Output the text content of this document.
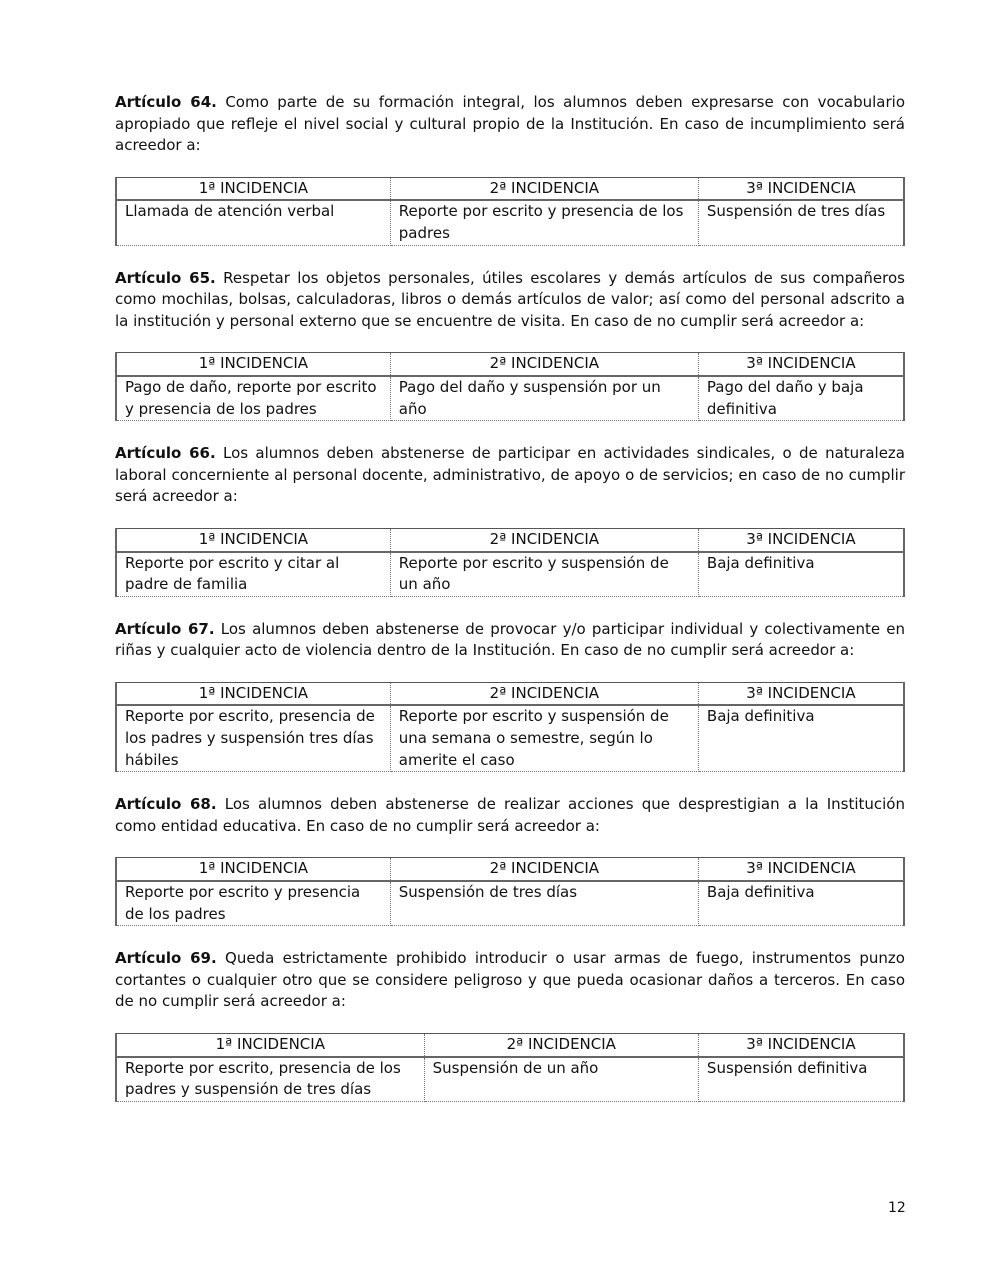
Artículo 64. Como parte de su formación integral, los alumnos deben expresarse con vocabulario apropiado que refleje el nivel social y cultural propio de la Institución. En caso de incumplimiento será acreedor a:

1ª INCIDENCIA	2ª INCIDENCIA	3ª INCIDENCIA
Llamada de atención verbal	Reporte por escrito y presencia de los padres	Suspensión de tres días

Artículo 65. Respetar los objetos personales, útiles escolares y demás artículos de sus compañeros como mochilas, bolsas, calculadoras, libros o demás artículos de valor; así como del personal adscrito a la institución y personal externo que se encuentre de visita. En caso de no cumplir será acreedor a:

1ª INCIDENCIA	2ª INCIDENCIA	3ª INCIDENCIA
Pago de daño, reporte por escrito y presencia de los padres	Pago del daño y suspensión por un año	Pago del daño y baja definitiva

Artículo 66. Los alumnos deben abstenerse de participar en actividades sindicales, o de naturaleza laboral concerniente al personal docente, administrativo, de apoyo o de servicios; en caso de no cumplir será acreedor a:

1ª INCIDENCIA	2ª INCIDENCIA	3ª INCIDENCIA
Reporte por escrito y citar al padre de familia	Reporte por escrito y suspensión de un año	Baja definitiva

Artículo 67. Los alumnos deben abstenerse de provocar y/o participar individual y colectivamente en riñas y cualquier acto de violencia dentro de la Institución. En caso de no cumplir será acreedor a:

1ª INCIDENCIA	2ª INCIDENCIA	3ª INCIDENCIA
Reporte por escrito, presencia de los padres y suspensión tres días hábiles	Reporte por escrito y suspensión de una semana o semestre, según lo amerite el caso	Baja definitiva

Artículo 68. Los alumnos deben abstenerse de realizar acciones que desprestigian a la Institución como entidad educativa. En caso de no cumplir será acreedor a:

1ª INCIDENCIA	2ª INCIDENCIA	3ª INCIDENCIA
Reporte por escrito y presencia de los padres	Suspensión de tres días	Baja definitiva

Artículo 69. Queda estrictamente prohibido introducir o usar armas de fuego, instrumentos punzo cortantes o cualquier otro que se considere peligroso y que pueda ocasionar daños a terceros. En caso de no cumplir será acreedor a:

1ª INCIDENCIA	2ª INCIDENCIA	3ª INCIDENCIA
Reporte por escrito, presencia de los padres y suspensión de tres días	Suspensión de un año	Suspensión definitiva
12
